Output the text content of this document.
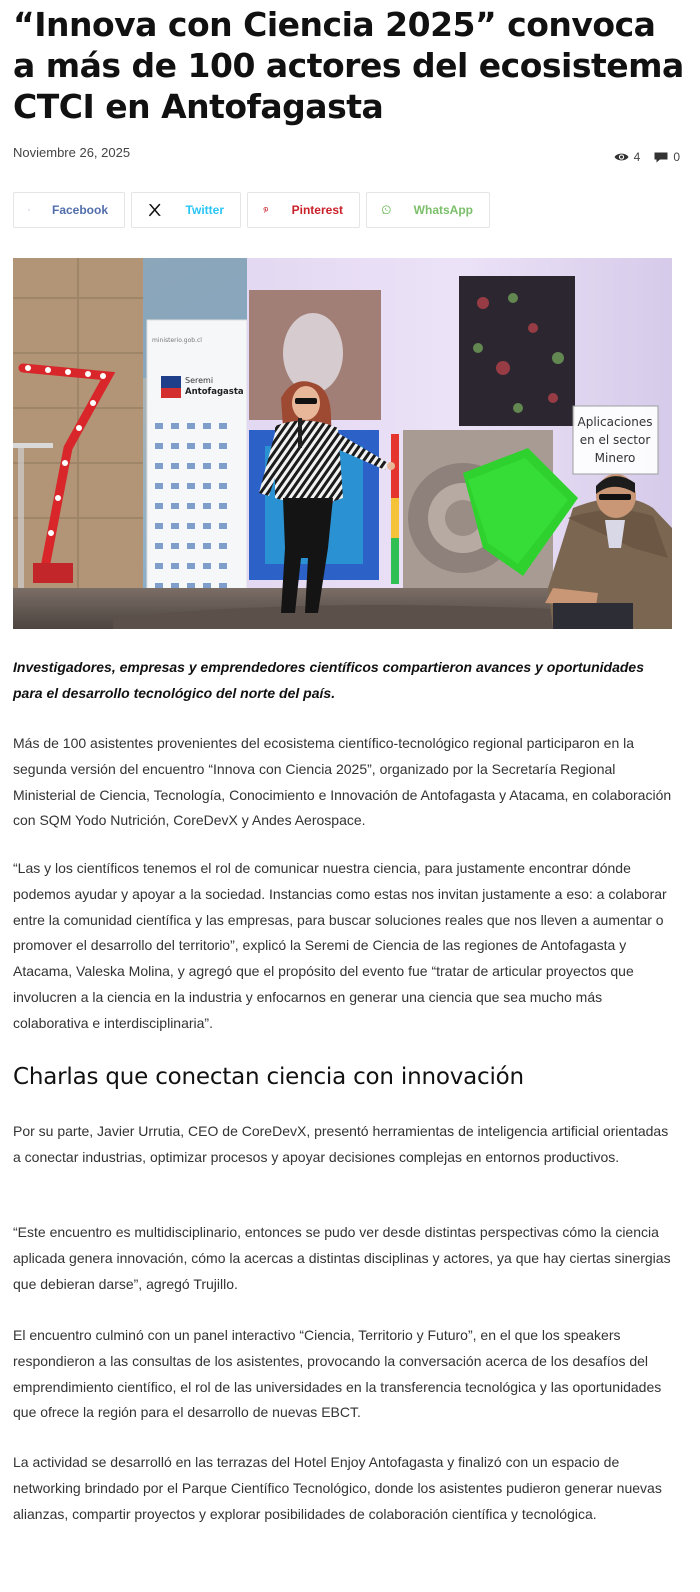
“Innova con Ciencia 2025” convoca a más de 100 actores del ecosistema CTCI en Antofagasta
Noviembre 26, 2025	4	0
Facebook	Twitter	Pinterest	WhatsApp
ministerio.gob.cl
Seremi
Antofagasta
Aplicaciones
en el sector
Minero

Investigadores, empresas y emprendedores científicos compartieron avances y oportunidades para el desarrollo tecnológico del norte del país.

Más de 100 asistentes provenientes del ecosistema científico-tecnológico regional participaron en la segunda versión del encuentro “Innova con Ciencia 2025”, organizado por la Secretaría Regional Ministerial de Ciencia, Tecnología, Conocimiento e Innovación de Antofagasta y Atacama, en colaboración con SQM Yodo Nutrición, CoreDevX y Andes Aerospace.

“Las y los científicos tenemos el rol de comunicar nuestra ciencia, para justamente encontrar dónde podemos ayudar y apoyar a la sociedad. Instancias como estas nos invitan justamente a eso: a colaborar entre la comunidad científica y las empresas, para buscar soluciones reales que nos lleven a aumentar o promover el desarrollo del territorio”, explicó la Seremi de Ciencia de las regiones de Antofagasta y Atacama, Valeska Molina, y agregó que el propósito del evento fue “tratar de articular proyectos que involucren a la ciencia en la industria y enfocarnos en generar una ciencia que sea mucho más colaborativa e interdisciplinaria”.

Charlas que conectan ciencia con innovación

Por su parte, Javier Urrutia, CEO de CoreDevX, presentó herramientas de inteligencia artificial orientadas a conectar industrias, optimizar procesos y apoyar decisiones complejas en entornos productivos.

“Este encuentro es multidisciplinario, entonces se pudo ver desde distintas perspectivas cómo la ciencia aplicada genera innovación, cómo la acercas a distintas disciplinas y actores, ya que hay ciertas sinergias que debieran darse”, agregó Trujillo.

El encuentro culminó con un panel interactivo “Ciencia, Territorio y Futuro”, en el que los speakers respondieron a las consultas de los asistentes, provocando la conversación acerca de los desafíos del emprendimiento científico, el rol de las universidades en la transferencia tecnológica y las oportunidades que ofrece la región para el desarrollo de nuevas EBCT.

La actividad se desarrolló en las terrazas del Hotel Enjoy Antofagasta y finalizó con un espacio de networking brindado por el Parque Científico Tecnológico, donde los asistentes pudieron generar nuevas alianzas, compartir proyectos y explorar posibilidades de colaboración científica y tecnológica.
